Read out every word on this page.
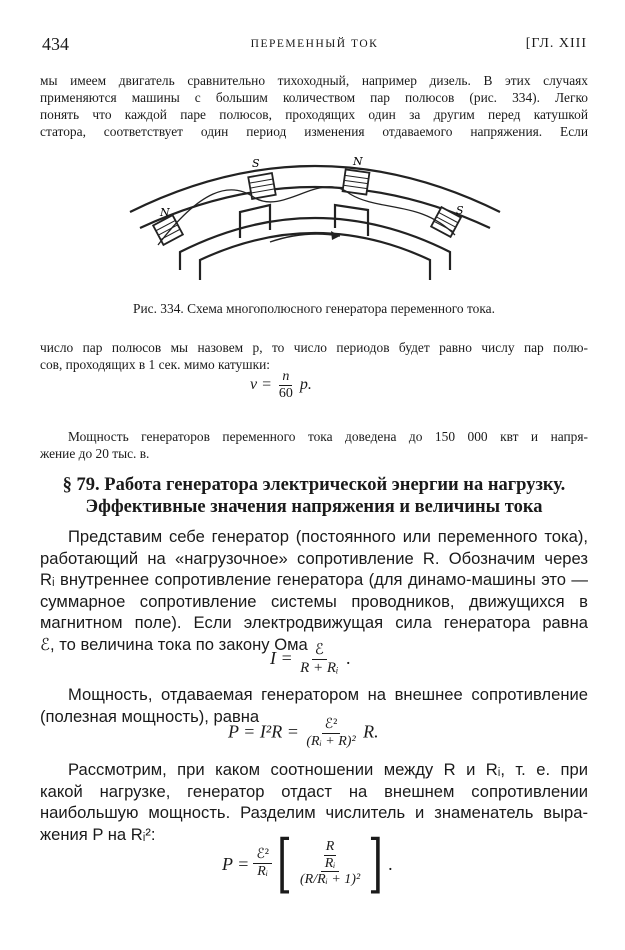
434	ПЕРЕМЕННЫЙ ТОК	[ГЛ. XIII
мы имеем двигатель сравнительно тихоходный, например дизель. В этих случаях
применяются машины с большим количеством пар полюсов (рис. 334). Легко
понять что каждой паре полюсов, проходящих один за другим перед катушкой
статора, соответствует один период изменения отдаваемого напряжения. Если
N
S	N
S
Рис. 334. Схема многополюсного генератора переменного тока.
число пар полюсов мы назовем p, то число периодов будет равно числу пар полю-
сов, проходящих в 1 сек. мимо катушки:
$\nu = \frac{n}{60} p$.
Мощность генераторов переменного тока доведена до 150 000 квт и напря-
жение до 20 тыс. в.
§ 79. Работа генератора электрической энергии на нагрузку.
Эффективные значения напряжения и величины тока
Представим себе генератор (постоянного или переменного тока),
работающий на «нагрузочное» сопротивление R. Обозначим через
Rᵢ внутреннее сопротивление генератора (для динамо-машины это —
суммарное сопротивление системы проводников, движущихся в
магнитном поле). Если электродвижущая сила генератора равна
ℰ, то величина тока по закону Ома
$I = \frac{\text{ℰ}}{\text{R + Rᵢ}}$ .
Мощность, отдаваемая генератором на внешнее сопротивление
(полезная мощность), равна
$P = I^2R = \frac{\text{ℰ²}}{\text{(Rᵢ + R)²}} R$.
Рассмотрим, при каком соотношении между R и Rᵢ, т. е. при
какой нагрузке, генератор отдаст на внешнем сопротивлении
наибольшую мощность. Разделим числитель и знаменатель выра-
жения P на Rᵢ²:
$P = \frac{\text{ℰ²}}{\text{Rᵢ}}$ [ R
Rᵢ
(R/Rᵢ + 1)² ] .
